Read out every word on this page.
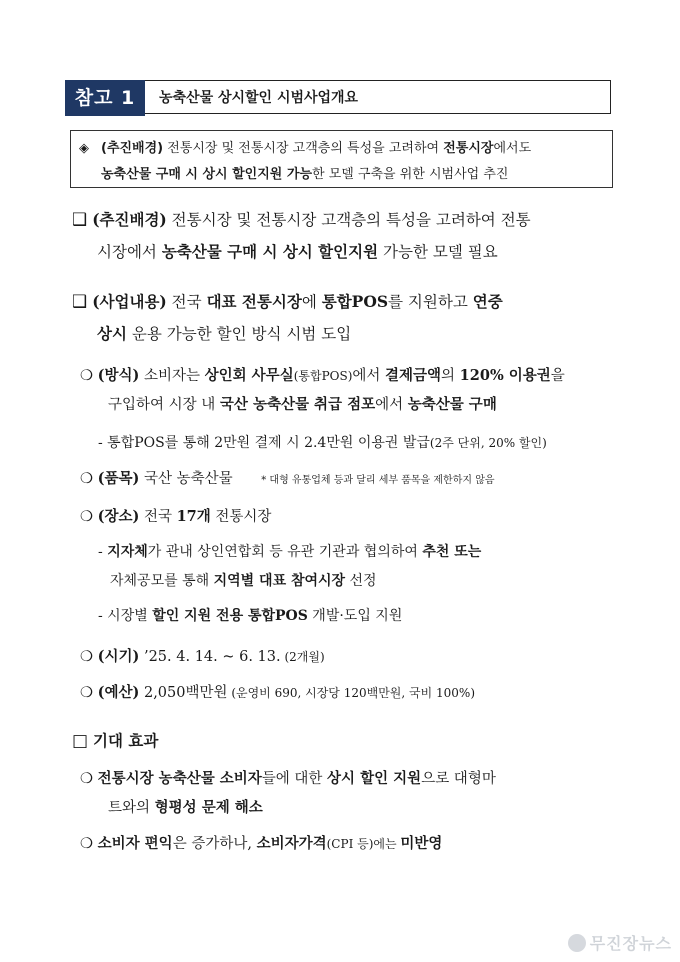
참고 1	농축산물 상시할인 시범사업개요
◈ (추진배경) 전통시장 및 전통시장 고객층의 특성을 고려하여 전통시장에서도
농축산물 구매 시 상시 할인지원 가능한 모델 구축을 위한 시범사업 추진
❑ (추진배경) 전통시장 및 전통시장 고객층의 특성을 고려하여 전통
시장에서 농축산물 구매 시 상시 할인지원 가능한 모델 필요
❑ (사업내용) 전국 대표 전통시장에 통합POS를 지원하고 연중
상시 운용 가능한 할인 방식 시범 도입
❍ (방식) 소비자는 상인회 사무실(통합POS)에서 결제금액의 120% 이용권을
구입하여 시장 내 국산 농축산물 취급 점포에서 농축산물 구매
- 통합POS를 통해 2만원 결제 시 2.4만원 이용권 발급(2주 단위, 20% 할인)
❍ (품목) 국산 농축산물	* 대형 유통업체 등과 달리 세부 품목을 제한하지 않음
❍ (장소) 전국 17개 전통시장
- 지자체가 관내 상인연합회 등 유관 기관과 협의하여 추천 또는
자체공모를 통해 지역별 대표 참여시장 선정
- 시장별 할인 지원 전용 통합POS 개발·도입 지원
❍ (시기) ’25. 4. 14. ~ 6. 13. (2개월)
❍ (예산) 2,050백만원 (운영비 690, 시장당 120백만원, 국비 100%)
□ 기대 효과
❍ 전통시장 농축산물 소비자들에 대한 상시 할인 지원으로 대형마
트와의 형평성 문제 해소
❍ 소비자 편익은 증가하나, 소비자가격(CPI 등)에는 미반영
무진장뉴스
